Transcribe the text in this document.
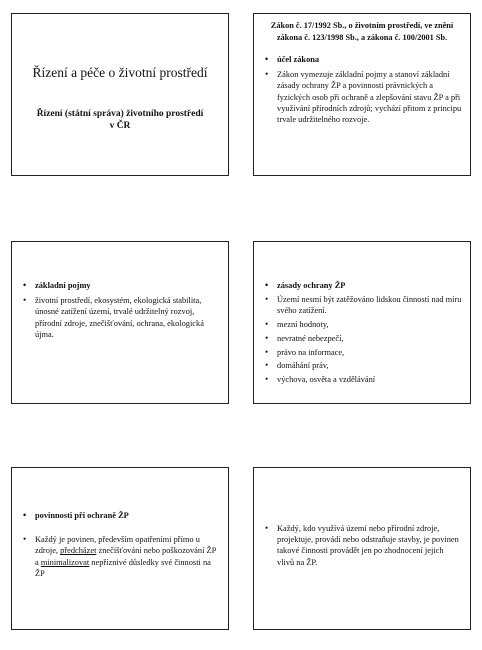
Řízení a péče o životní prostředí
Řízení (státní správa) životního prostředí v ČR
Zákon č. 17/1992 Sb., o životním prostředí, ve znění zákona č. 123/1998 Sb., a zákona č. 100/2001 Sb.
• účel zákona
• Zákon vymezuje základní pojmy a stanoví základní zásady ochrany ŽP a povinnosti právnických a fyzických osob při ochraně a zlepšování stavu ŽP a při využívání přírodních zdrojů; vychází přitom z principu trvale udržitelného rozvoje.
• základní pojmy
• životní prostředí, ekosystém, ekologická stabilita, únosné zatížení území, trvalé udržitelný rozvoj, přírodní zdroje, znečišťování, ochrana, ekologická újma.
• zásady ochrany ŽP
• Území nesmí být zatěžováno lidskou činností nad míru svého zatížení.
• mezní hodnoty,
• nevratné nebezpečí,
• právo na informace,
• domáhání práv,
• výchova, osvěta a vzdělávání
• povinnosti při ochraně ŽP
• Každý je povinen, především opatřeními přímo u zdroje, předcházet znečišťování nebo poškozování ŽP a minimalizovat nepříznivé důsledky své činnosti na ŽP
• Každý, kdo využívá území nebo přírodní zdroje, projektuje, provádí nebo odstraňuje stavby, je povinen takové činnosti provádět jen po zhodnocení jejich vlivů na ŽP.
